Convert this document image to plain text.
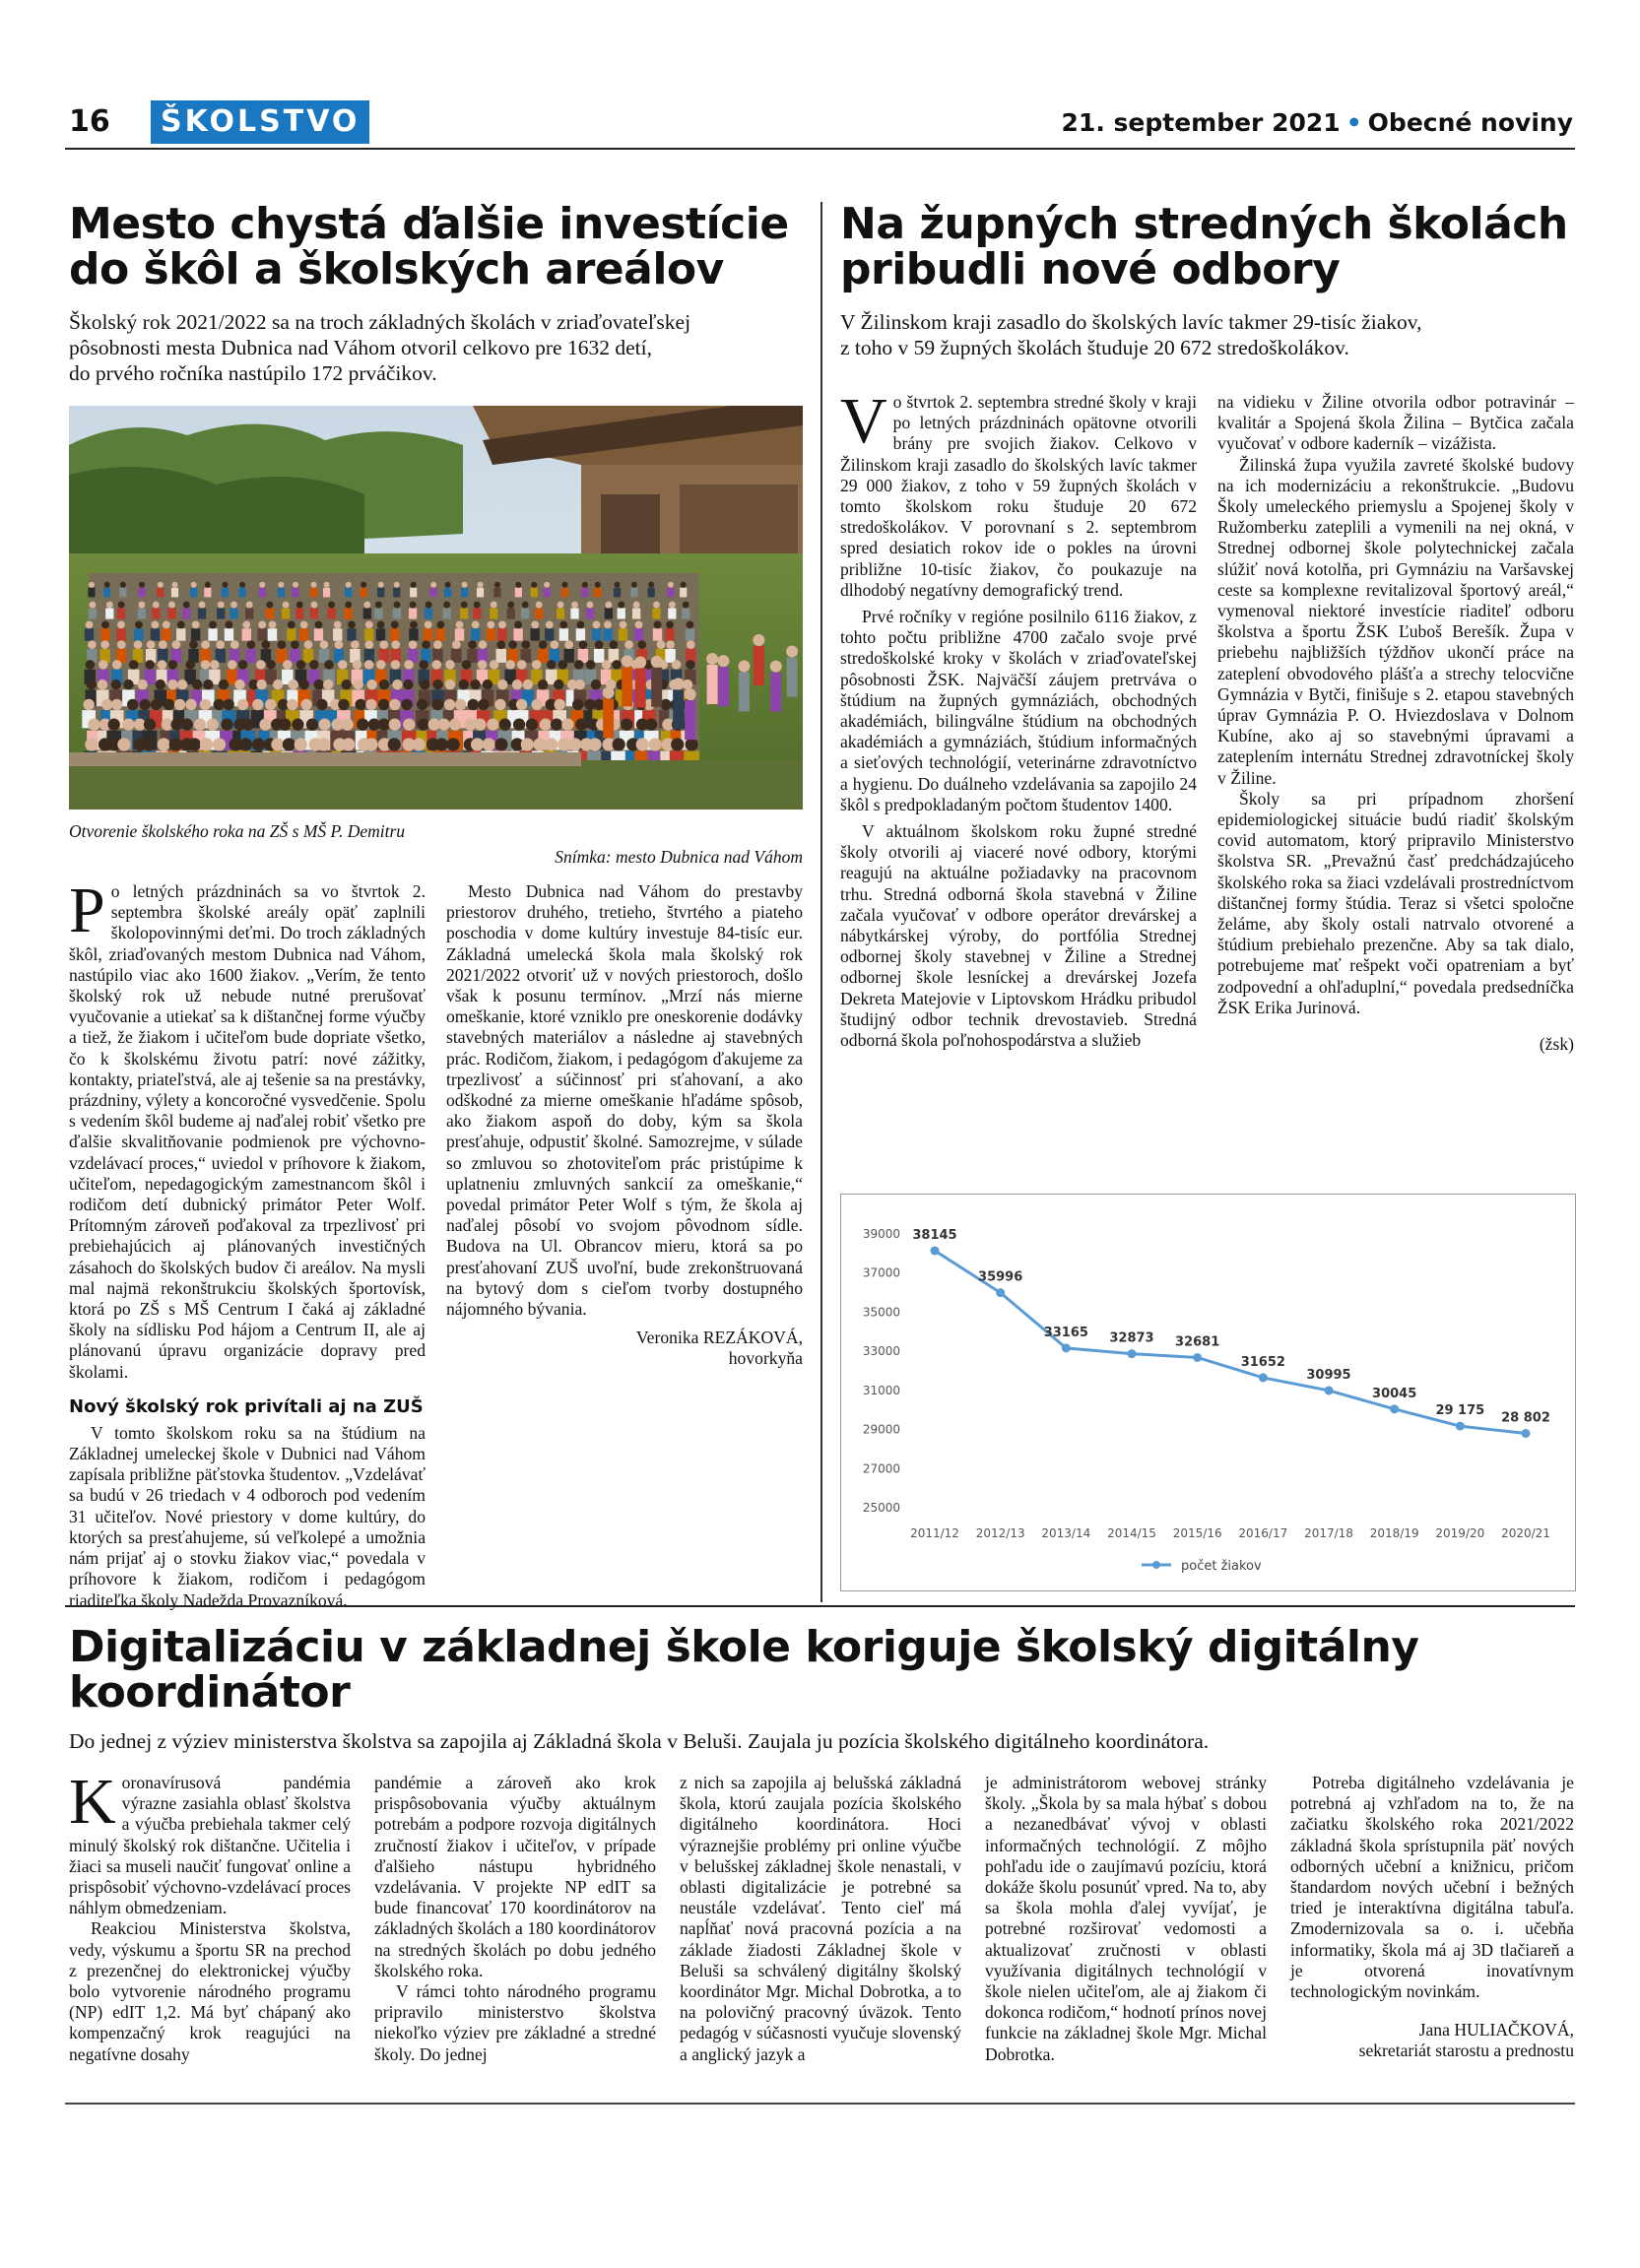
16	ŠKOLSTVO	21. september 2021 • Obecné noviny
Mesto chystá ďalšie investície
do škôl a školských areálov
Školský rok 2021/2022 sa na troch základných školách v zriaďovateľskej
pôsobnosti mesta Dubnica nad Váhom otvoril celkovo pre 1632 detí,
do prvého ročníka nastúpilo 172 prváčikov.
Otvorenie školského roka na ZŠ s MŠ P. Demitru
Snímka: mesto Dubnica nad Váhom

Po letných prázdninách sa vo štvrtok 2. septembra školské areály opäť zaplnili školopovinnými deťmi. Do troch základných škôl, zriaďovaných mestom Dubnica nad Váhom, nastúpilo viac ako 1600 žiakov. „Verím, že tento školský rok už nebude nutné prerušovať vyučovanie a utiekať sa k dištančnej forme výučby a tiež, že žiakom i učiteľom bude dopriate všetko, čo k školskému životu patrí: nové zážitky, kontakty, priateľstvá, ale aj tešenie sa na prestávky, prázdniny, výlety a koncoročné vysvedčenie. Spolu s vedením škôl budeme aj naďalej robiť všetko pre ďalšie skvalitňovanie podmienok pre výchovno-vzdelávací proces,“ uviedol v príhovore k žiakom, učiteľom, nepedagogickým zamestnancom škôl i rodičom detí dubnický primátor Peter Wolf. Prítomným zároveň poďakoval za trpezlivosť pri prebiehajúcich aj plánovaných investičných zásahoch do školských budov či areálov. Na mysli mal najmä rekonštrukciu školských športovísk, ktorá po ZŠ s MŠ Centrum I čaká aj základné školy na sídlisku Pod hájom a Centrum II, ale aj plánovanú úpravu organizácie dopravy pred školami.

Nový školský rok privítali aj na ZUŠ

V tomto školskom roku sa na štúdium na Základnej umeleckej škole v Dubnici nad Váhom zapísala približne päťstovka študentov. „Vzdelávať sa budú v 26 triedach v 4 odboroch pod vedením 31 učiteľov. Nové priestory v dome kultúry, do ktorých sa presťahujeme, sú veľkolepé a umožnia nám prijať aj o stovku žiakov viac,“ povedala v príhovore k žiakom, rodičom i pedagógom riaditeľka školy Nadežda Provazníková.

Mesto Dubnica nad Váhom do prestavby priestorov druhého, tretieho, štvrtého a piateho poschodia v dome kultúry investuje 84-tisíc eur. Základná umelecká škola mala školský rok 2021/2022 otvoriť už v nových priestoroch, došlo však k posunu termínov. „Mrzí nás mierne omeškanie, ktoré vzniklo pre oneskorenie dodávky stavebných materiálov a následne aj stavebných prác. Rodičom, žiakom, i pedagógom ďakujeme za trpezlivosť a súčinnosť pri sťahovaní, a ako odškodné za mierne omeškanie hľadáme spôsob, ako žiakom aspoň do doby, kým sa škola presťahuje, odpustiť školné. Samozrejme, v súlade so zmluvou so zhotoviteľom prác pristúpime k uplatneniu zmluvných sankcií za omeškanie,“ povedal primátor Peter Wolf s tým, že škola aj naďalej pôsobí vo svojom pôvodnom sídle. Budova na Ul. Obrancov mieru, ktorá sa po presťahovaní ZUŠ uvoľní, bude zrekonštruovaná na bytový dom s cieľom tvorby dostupného nájomného bývania.

Veronika REZÁKOVÁ,
hovorkyňa
Na župných stredných školách
pribudli nové odbory
V Žilinskom kraji zasadlo do školských lavíc takmer 29-tisíc žiakov,
z toho v 59 župných školách študuje 20 672 stredoškolákov.

Vo štvrtok 2. septembra stredné školy v kraji po letných prázdninách opätovne otvorili brány pre svojich žiakov. Celkovo v Žilinskom kraji zasadlo do školských lavíc takmer 29 000 žiakov, z toho v 59 župných školách v tomto školskom roku študuje 20 672 stredoškolákov. V porovnaní s 2. septembrom spred desiatich rokov ide o pokles na úrovni približne 10-tisíc žiakov, čo poukazuje na dlhodobý negatívny demografický trend.

Prvé ročníky v regióne posilnilo 6116 žiakov, z tohto počtu približne 4700 začalo svoje prvé stredoškolské kroky v školách v zriaďovateľskej pôsobnosti ŽSK. Najväčší záujem pretrváva o štúdium na župných gymnáziách, obchodných akadémiách, bilingválne štúdium na obchodných akadémiách a gymnáziách, štúdium informačných a sieťových technológií, veterinárne zdravotníctvo a hygienu. Do duálneho vzdelávania sa zapojilo 24 škôl s predpokladaným počtom študentov 1400.

V aktuálnom školskom roku župné stredné školy otvorili aj viaceré nové odbory, ktorými reagujú na aktuálne požiadavky na pracovnom trhu. Stredná odborná škola stavebná v Žiline začala vyučovať v odbore operátor drevárskej a nábytkárskej výroby, do portfólia Strednej odbornej školy stavebnej v Žiline a Strednej odbornej škole lesníckej a drevárskej Jozefa Dekreta Matejovie v Liptovskom Hrádku pribudol študijný odbor technik drevostavieb. Stredná odborná škola poľnohospodárstva a služieb

na vidieku v Žiline otvorila odbor potravinár – kvalitár a Spojená škola Žilina – Bytčica začala vyučovať v odbore kaderník – vizážista.

Žilinská župa využila zavreté školské budovy na ich modernizáciu a rekonštrukcie. „Budovu Školy umeleckého priemyslu a Spojenej školy v Ružomberku zateplili a vymenili na nej okná, v Strednej odbornej škole polytechnickej začala slúžiť nová kotolňa, pri Gymnáziu na Varšavskej ceste sa komplexne revitalizoval športový areál,“ vymenoval niektoré investície riaditeľ odboru školstva a športu ŽSK Ľuboš Berešík. Župa v priebehu najbližších týždňov ukončí práce na zateplení obvodového plášťa a strechy telocvične Gymnázia v Bytči, finišuje s 2. etapou stavebných úprav Gymnázia P. O. Hviezdoslava v Dolnom Kubíne, ako aj so stavebnými úpravami a zateplením internátu Strednej zdravotníckej školy v Žiline.

Školy sa pri prípadnom zhoršení epidemiologickej situácie budú riadiť školským covid automatom, ktorý pripravilo Ministerstvo školstva SR. „Prevažnú časť predchádzajúceho školského roka sa žiaci vzdelávali prostredníctvom dištančnej formy štúdia. Teraz si všetci spoločne želáme, aby školy ostali natrvalo otvorené a štúdium prebiehalo prezenčne. Aby sa tak dialo, potrebujeme mať rešpekt voči opatreniam a byť zodpovední a ohľaduplní,“ povedala predsedníčka ŽSK Erika Jurinová.

(žsk)
25000
27000
29000
31000
33000
35000
37000
39000
2011/12 2012/13 2013/14 2014/15 2015/16 2016/17 2017/18 2018/19 2019/20 2020/21
38145
35996
33165 32873 32681
31652
30995
30045
29 175 28 802
počet žiakov
Digitalizáciu v základnej škole koriguje školský digitálny
koordinátor
Do jednej z výziev ministerstva školstva sa zapojila aj Základná škola v Beluši. Zaujala ju pozícia školského digitálneho koordinátora.

Koronavírusová pandémia výrazne zasiahla oblasť školstva a výučba prebiehala takmer celý minulý školský rok dištančne. Učitelia i žiaci sa museli naučiť fungovať online a prispôsobiť výchovno-vzdelávací proces náhlym obmedzeniam.

Reakciou Ministerstva školstva, vedy, výskumu a športu SR na prechod z prezenčnej do elektronickej výučby bolo vytvorenie národného programu (NP) edIT 1,2. Má byť chápaný ako kompenzačný krok reagujúci na negatívne dosahy

pandémie a zároveň ako krok prispôsobovania výučby aktuálnym potrebám a podpore rozvoja digitálnych zručností žiakov i učiteľov, v prípade ďalšieho nástupu hybridného vzdelávania. V projekte NP edIT sa bude financovať 170 koordinátorov na základných školách a 180 koordinátorov na stredných školách po dobu jedného školského roka.

V rámci tohto národného programu pripravilo ministerstvo školstva niekoľko výziev pre základné a stredné školy. Do jednej

z nich sa zapojila aj belušská základná škola, ktorú zaujala pozícia školského digitálneho koordinátora. Hoci výraznejšie problémy pri online výučbe v belušskej základnej škole nenastali, v oblasti digitalizácie je potrebné sa neustále vzdelávať. Tento cieľ má napĺňať nová pracovná pozícia a na základe žiadosti Základnej škole v Beluši sa schválený digitálny školský koordinátor Mgr. Michal Dobrotka, a to na polovičný pracovný úväzok. Tento pedagóg v súčasnosti vyučuje slovenský a anglický jazyk a

je administrátorom webovej stránky školy. „Škola by sa mala hýbať s dobou a nezanedbávať vývoj v oblasti informačných technológií. Z môjho pohľadu ide o zaujímavú pozíciu, ktorá dokáže školu posunúť vpred. Na to, aby sa škola mohla ďalej vyvíjať, je potrebné rozširovať vedomosti a aktualizovať zručnosti v oblasti využívania digitálnych technológií v škole nielen učiteľom, ale aj žiakom či dokonca rodičom,“ hodnotí prínos novej funkcie na základnej škole Mgr. Michal Dobrotka.

Potreba digitálneho vzdelávania je potrebná aj vzhľadom na to, že na začiatku školského roka 2021/2022 základná škola sprístupnila päť nových odborných učební a knižnicu, pričom štandardom nových učební i bežných tried je interaktívna digitálna tabuľa. Zmodernizovala sa o. i. učebňa informatiky, škola má aj 3D tlačiareň a je otvorená inovatívnym technologickým novinkám.

Jana HULIAČKOVÁ,
sekretariát starostu a prednostu
